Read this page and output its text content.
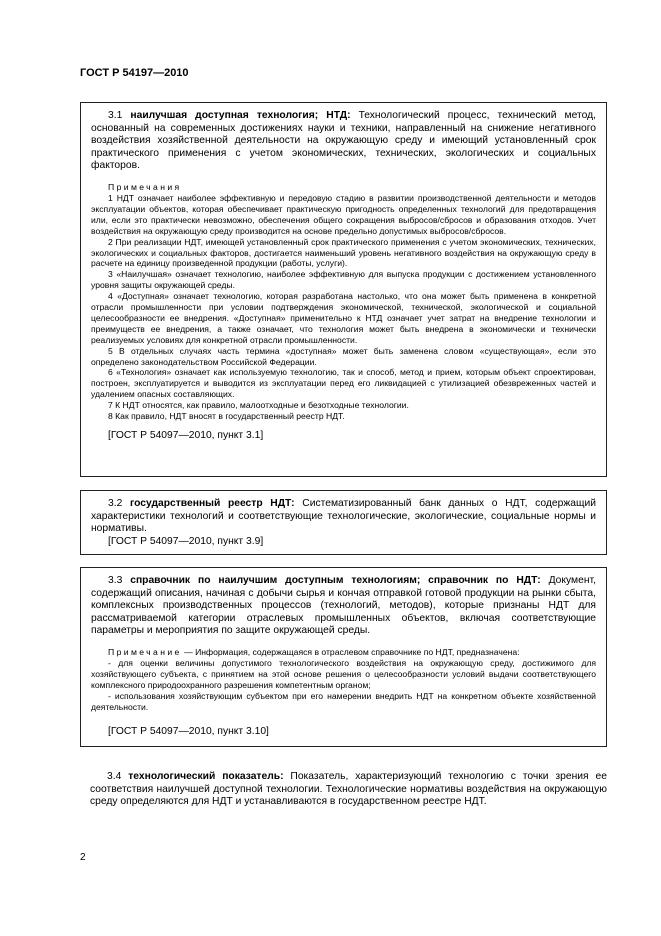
ГОСТ Р 54197—2010

3.1 наилучшая доступная технология; НТД: Технологический процесс, технический метод, основанный на современных достижениях науки и техники, направленный на снижение негативного воздействия хозяйственной деятельности на окружающую среду и имеющий установленный срок практического применения с учетом экономических, технических, экологических и социальных факторов.

Примечания

1 НДТ означает наиболее эффективную и передовую стадию в развитии производственной деятельности и методов эксплуатации объектов, которая обеспечивает практическую пригодность определенных технологий для предотвращения или, если это практически невозможно, обеспечения общего сокращения выбросов/сбросов и образования отходов. Учет воздействия на окружающую среду производится на основе предельно допустимых выбросов/сбросов.

2 При реализации НДТ, имеющей установленный срок практического применения с учетом экономических, технических, экологических и социальных факторов, достигается наименьший уровень негативного воздействия на окружающую среду в расчете на единицу произведенной продукции (работы, услуги).

3 «Наилучшая» означает технологию, наиболее эффективную для выпуска продукции с достижением установленного уровня защиты окружающей среды.

4 «Доступная» означает технологию, которая разработана настолько, что она может быть применена в конкретной отрасли промышленности при условии подтверждения экономической, технической, экологической и социальной целесообразности ее внедрения. «Доступная» применительно к НТД означает учет затрат на внедрение технологии и преимуществ ее внедрения, а также означает, что технология может быть внедрена в экономически и технически реализуемых условиях для конкретной отрасли промышленности.

5 В отдельных случаях часть термина «доступная» может быть заменена словом «существующая», если это определено законодательством Российской Федерации.

6 «Технология» означает как используемую технологию, так и способ, метод и прием, которым объект спроектирован, построен, эксплуатируется и выводится из эксплуатации перед его ликвидацией с утилизацией обезвреженных частей и удалением опасных составляющих.

7 К НДТ относятся, как правило, малоотходные и безотходные технологии.

8 Как правило, НДТ вносят в государственный реестр НДТ.

[ГОСТ Р 54097—2010, пункт 3.1]

3.2 государственный реестр НДТ: Систематизированный банк данных о НДТ, содержащий характеристики технологий и соответствующие технологические, экологические, социальные нормы и нормативы.

[ГОСТ Р 54097—2010, пункт 3.9]

3.3 справочник по наилучшим доступным технологиям; справочник по НДТ: Документ, содержащий описания, начиная с добычи сырья и кончая отправкой готовой продукции на рынки сбыта, комплексных производственных процессов (технологий, методов), которые признаны НДТ для рассматриваемой категории отраслевых промышленных объектов, включая соответствующие параметры и мероприятия по защите окружающей среды.

Примечание — Информация, содержащаяся в отраслевом справочнике по НДТ, предназначена:

- для оценки величины допустимого технологического воздействия на окружающую среду, достижимого для хозяйствующего субъекта, с принятием на этой основе решения о целесообразности условий выдачи соответствующего комплексного природоохранного разрешения компетентным органом;

- использования хозяйствующим субъектом при его намерении внедрить НДТ на конкретном объекте хозяйственной деятельности.

[ГОСТ Р 54097—2010, пункт 3.10]

3.4 технологический показатель: Показатель, характеризующий технологию с точки зрения ее соответствия наилучшей доступной технологии. Технологические нормативы воздействия на окружающую среду определяются для НДТ и устанавливаются в государственном реестре НДТ.

2
